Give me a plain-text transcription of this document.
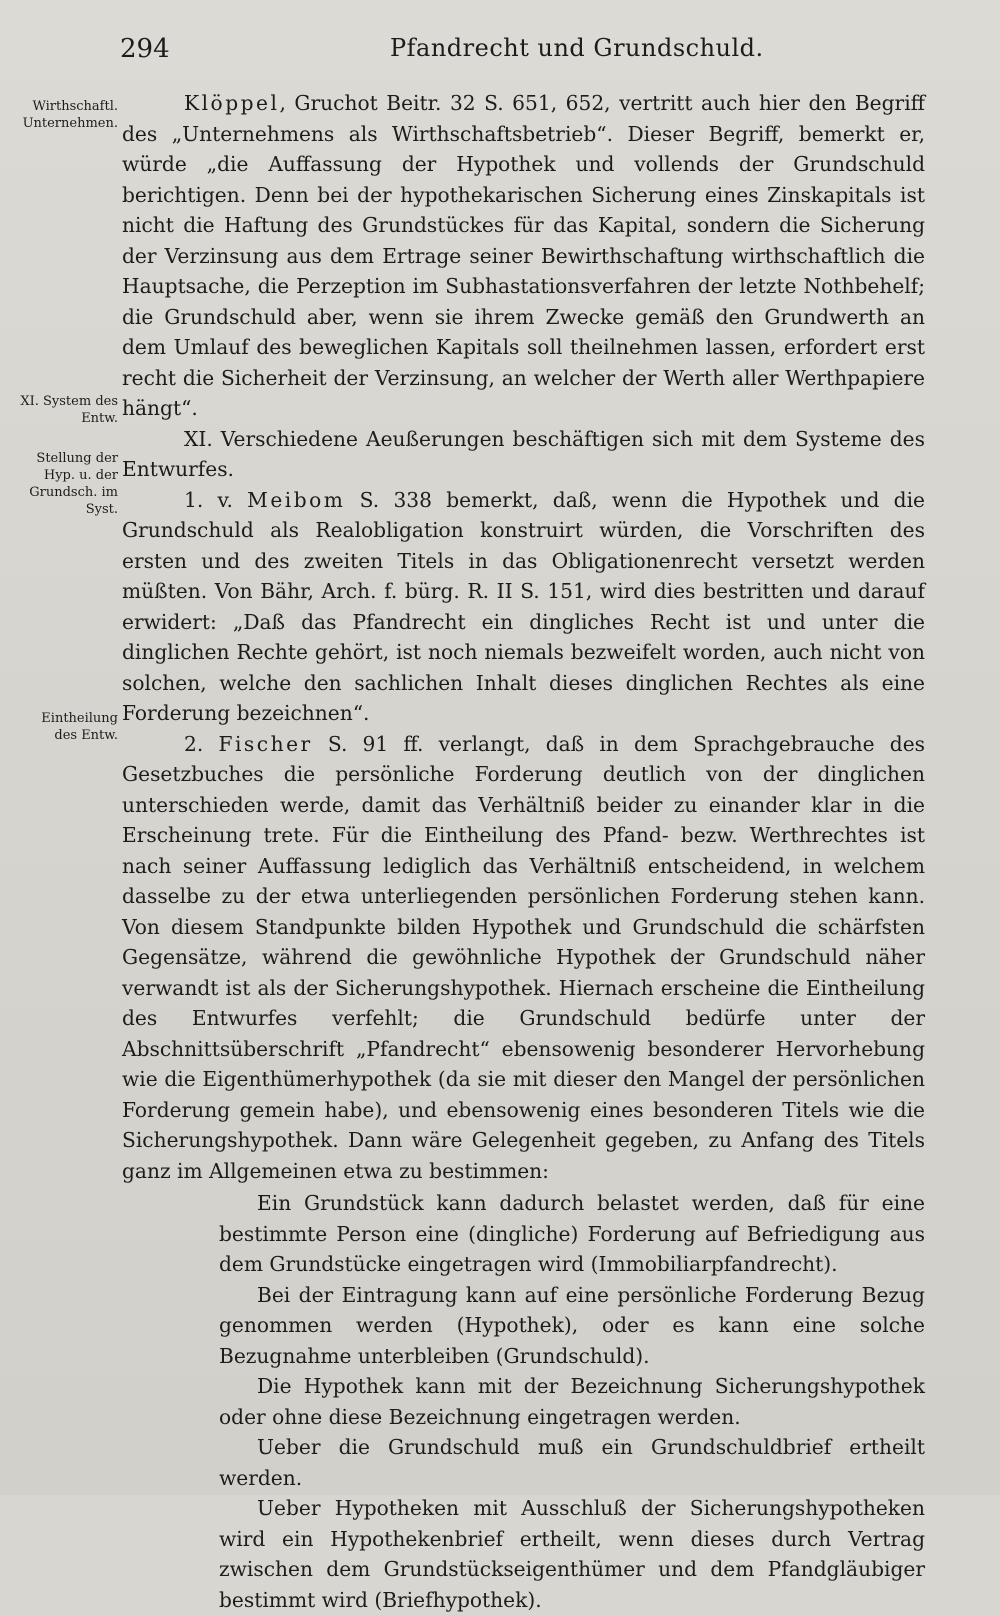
294	Pfandrecht und Grundschuld.
Wirthschaftl. Unternehmen.
XI. System des Entw.
Stellung der Hyp. u. der Grundsch. im Syst.
Eintheilung des Entw.

Klöppel, Gruchot Beitr. 32 S. 651, 652, vertritt auch hier den Begriff des „Unternehmens als Wirthschaftsbetrieb“. Dieser Begriff, bemerkt er, würde „die Auffassung der Hypothek und vollends der Grundschuld berichtigen. Denn bei der hypothekarischen Sicherung eines Zinskapitals ist nicht die Haftung des Grundstückes für das Kapital, sondern die Sicherung der Verzinsung aus dem Ertrage seiner Bewirthschaftung wirthschaftlich die Hauptsache, die Perzeption im Subhastationsverfahren der letzte Nothbehelf; die Grundschuld aber, wenn sie ihrem Zwecke gemäß den Grundwerth an dem Umlauf des beweglichen Kapitals soll theilnehmen lassen, erfordert erst recht die Sicherheit der Verzinsung, an welcher der Werth aller Werthpapiere hängt“.

XI. Verschiedene Aeußerungen beschäftigen sich mit dem Systeme des Entwurfes.

1. v. Meibom S. 338 bemerkt, daß, wenn die Hypothek und die Grundschuld als Realobligation konstruirt würden, die Vorschriften des ersten und des zweiten Titels in das Obligationenrecht versetzt werden müßten. Von Bähr, Arch. f. bürg. R. II S. 151, wird dies bestritten und darauf erwidert: „Daß das Pfandrecht ein dingliches Recht ist und unter die dinglichen Rechte gehört, ist noch niemals bezweifelt worden, auch nicht von solchen, welche den sachlichen Inhalt dieses dinglichen Rechtes als eine Forderung bezeichnen“.

2. Fischer S. 91 ff. verlangt, daß in dem Sprachgebrauche des Gesetzbuches die persönliche Forderung deutlich von der dinglichen unterschieden werde, damit das Verhältniß beider zu einander klar in die Erscheinung trete. Für die Eintheilung des Pfand- bezw. Werthrechtes ist nach seiner Auffassung lediglich das Verhältniß entscheidend, in welchem dasselbe zu der etwa unterliegenden persönlichen Forderung stehen kann. Von diesem Standpunkte bilden Hypothek und Grundschuld die schärfsten Gegensätze, während die gewöhnliche Hypothek der Grundschuld näher verwandt ist als der Sicherungshypothek. Hiernach erscheine die Eintheilung des Entwurfes verfehlt; die Grundschuld bedürfe unter der Abschnittsüberschrift „Pfandrecht“ ebensowenig besonderer Hervorhebung wie die Eigenthümerhypothek (da sie mit dieser den Mangel der persönlichen Forderung gemein habe), und ebensowenig eines besonderen Titels wie die Sicherungshypothek. Dann wäre Gelegenheit gegeben, zu Anfang des Titels ganz im Allgemeinen etwa zu bestimmen:

Ein Grundstück kann dadurch belastet werden, daß für eine bestimmte Person eine (dingliche) Forderung auf Befriedigung aus dem Grundstücke eingetragen wird (Immobiliarpfandrecht).

Bei der Eintragung kann auf eine persönliche Forderung Bezug genommen werden (Hypothek), oder es kann eine solche Bezugnahme unterbleiben (Grundschuld).

Die Hypothek kann mit der Bezeichnung Sicherungshypothek oder ohne diese Bezeichnung eingetragen werden.

Ueber die Grundschuld muß ein Grundschuldbrief ertheilt werden.

Ueber Hypotheken mit Ausschluß der Sicherungshypotheken wird ein Hypothekenbrief ertheilt, wenn dieses durch Vertrag zwischen dem Grundstückseigenthümer und dem Pfandgläubiger bestimmt wird (Briefhypothek).
